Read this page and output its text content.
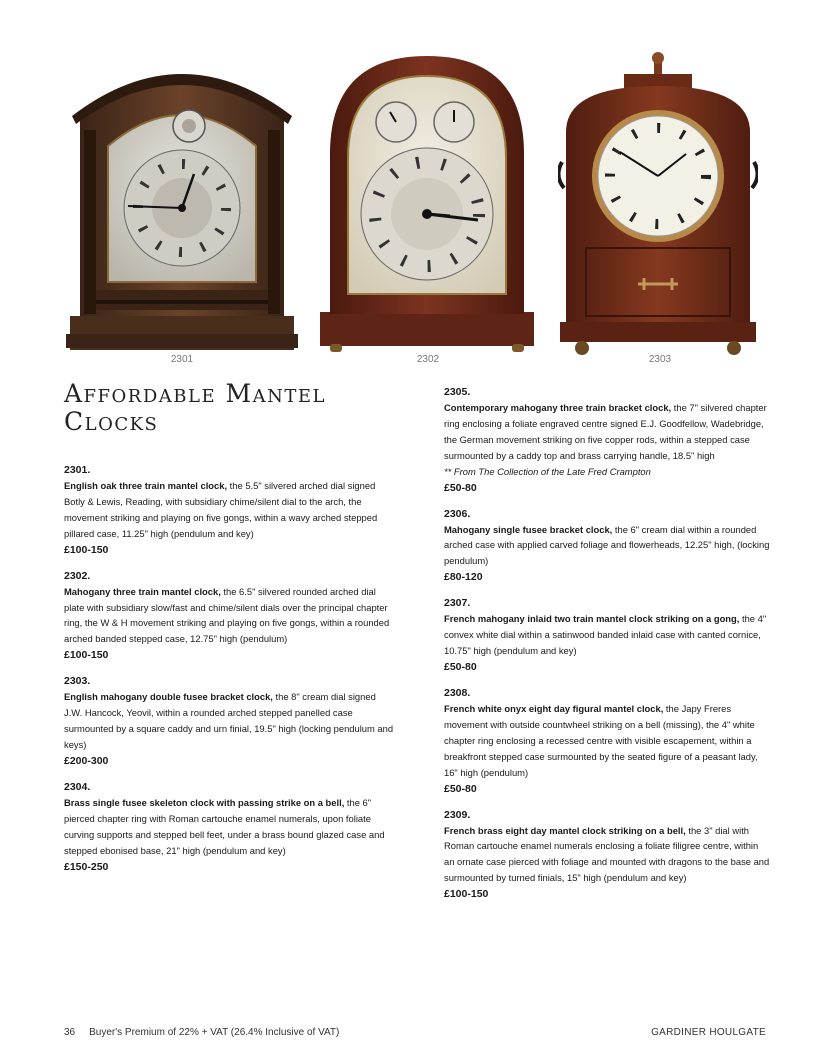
2301	2302	2303
Affordable Mantel Clocks
2301.
English oak three train mantel clock, the 5.5" silvered arched dial signed Botly & Lewis, Reading, with subsidiary chime/silent dial to the arch, the movement striking and playing on five gongs, within a wavy arched stepped pillared case, 11.25" high (pendulum and key)
£100-150
2302.
Mahogany three train mantel clock, the 6.5" silvered rounded arched dial plate with subsidiary slow/fast and chime/silent dials over the principal chapter ring, the W & H movement striking and playing on five gongs, within a rounded arched banded stepped case, 12.75" high (pendulum)
£100-150
2303.
English mahogany double fusee bracket clock, the 8" cream dial signed J.W. Hancock, Yeovil, within a rounded arched stepped panelled case surmounted by a square caddy and urn finial, 19.5" high (locking pendulum and keys)
£200-300
2304.
Brass single fusee skeleton clock with passing strike on a bell, the 6" pierced chapter ring with Roman cartouche enamel numerals, upon foliate curving supports and stepped bell feet, under a brass bound glazed case and stepped ebonised base, 21" high (pendulum and key)
£150-250
2305.
Contemporary mahogany three train bracket clock, the 7" silvered chapter ring enclosing a foliate engraved centre signed E.J. Goodfellow, Wadebridge, the German movement striking on five copper rods, within a stepped case surmounted by a caddy top and brass carrying handle, 18.5" high
** From The Collection of the Late Fred Crampton
£50-80
2306.
Mahogany single fusee bracket clock, the 6" cream dial within a rounded arched case with applied carved foliage and flowerheads, 12.25" high, (locking pendulum)
£80-120
2307.
French mahogany inlaid two train mantel clock striking on a gong, the 4" convex white dial within a satinwood banded inlaid case with canted cornice, 10.75" high (pendulum and key)
£50-80
2308.
French white onyx eight day figural mantel clock, the Japy Freres movement with outside countwheel striking on a bell (missing), the 4" white chapter ring enclosing a recessed centre with visible escapement, within a breakfront stepped case surmounted by the seated figure of a peasant lady, 16" high (pendulum)
£50-80
2309.
French brass eight day mantel clock striking on a bell, the 3" dial with Roman cartouche enamel numerals enclosing a foliate filigree centre, within an ornate case pierced with foliage and mounted with dragons to the base and surmounted by turned finials, 15" high (pendulum and key)
£100-150
36 Buyer's Premium of 22% + VAT (26.4% Inclusive of VAT)	GARDINER HOULGATE
